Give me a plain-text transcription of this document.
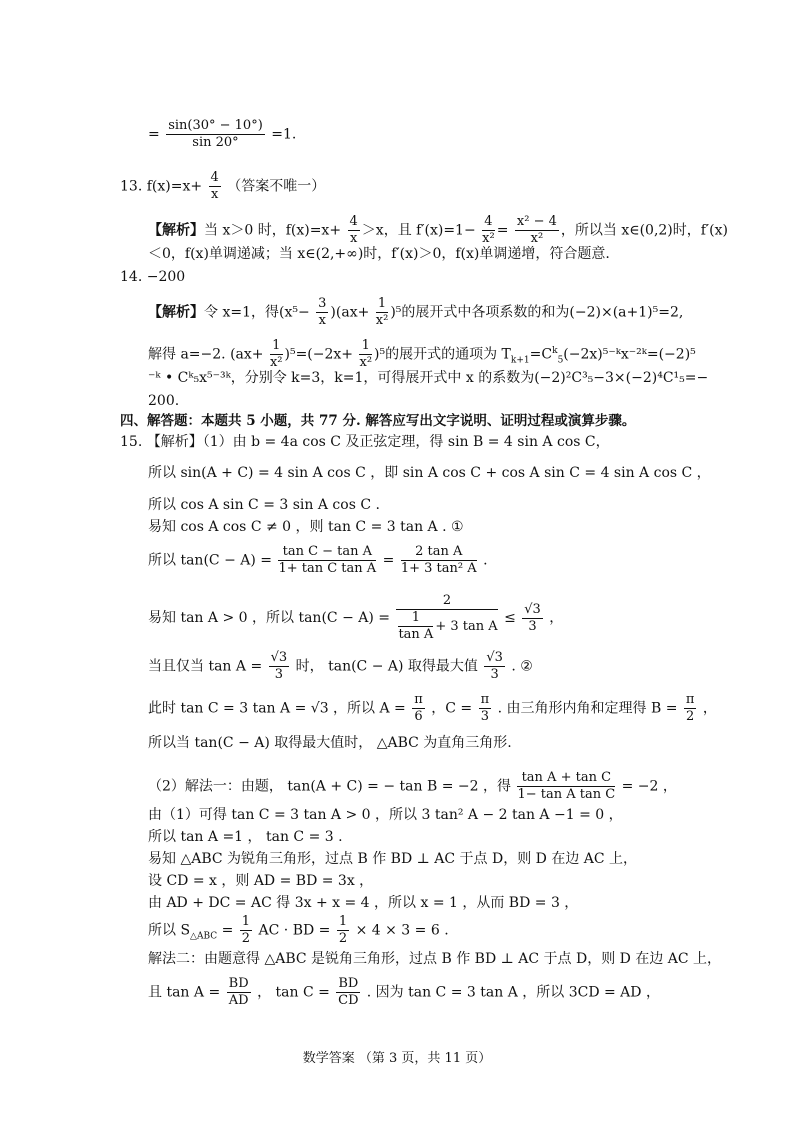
= $\frac{\sin(30^\circ - 10^\circ)}{\sin 20^\circ} =1$.
13. $f(x)=x+ \frac{4}{x}$ （答案不唯一）
【解析】当 x＞0 时，$f(x)=x+ \frac{4}{x} >x$，且 $f'(x)=1- \frac{4}{\text{x²}} = \frac{\text{x² − 4}}{\text{x²}}$ ，所以当 x∈(0,2)时，f′(x)
＜0，f(x)单调递减；当 x∈(2,+∞)时，f′(x)＞0，f(x)单调递增，符合题意.
14. −200
【解析】令 x=1，得$(x^5- \frac{3}{x} )(ax+ \frac{1}{\text{x²}} )^5$的展开式中各项系数的和为(−2)×(a+1)⁵=2,
解得 a=−2. $(ax+ \frac{1}{\text{x²}} )^5=(-2x+ \frac{1}{\text{x²}} )^5$的展开式的通项为 $T_{k+1}=C^k_5(-2x)^{5-}ᵏx^{-2}ᵏ=(-2)^5$
⁻ᵏ • Cᵏ₅x⁵⁻³ᵏ，分别令 k=3，k=1，可得展开式中 x 的系数为(−2)²C³₅−3×(−2)⁴C¹₅=−
200.
四、解答题：本题共 5 小题，共 77 分. 解答应写出文字说明、证明过程或演算步骤。
15. 【解析】（1）由 b = 4a cos C 及正弦定理，得 sin B = 4 sin A cos C，
所以 sin(A + C) = 4 sin A cos C ，即 sin A cos C + cos A sin C = 4 sin A cos C ，
所以 cos A sin C = 3 sin A cos C .
易知 cos A cos C ≠ 0 ，则 tan C = 3 tan A . ①
所以 $\tan(C - A) = \frac{\text{tan C − tan A}}{\text{1+ tan C tan A}} = \frac{\text{2 tan A}}{\text{1+ 3 tan² A}}$ .
易知 tan A > 0 ，所以 $\tan(C - A) = \frac{2}{\frac{1}{\text{tan A}} + 3 \tan A} \le \frac{√3}{3}$ ，
当且仅当 $\tan A = \frac{√3}{3}$ 时， tan(C − A) 取得最大值 $\frac{√3}{3}$ . ②
此时 tan C = 3 tan A = √3 ，所以 $A = \frac{\pi}{6}$ ，$C = \frac{\pi}{3}$ . 由三角形内角和定理得 $B = \frac{\pi}{2}$ ，
所以当 tan(C − A) 取得最大值时， △ABC 为直角三角形.
（2）解法一：由题， tan(A + C) = − tan B = −2 ，得 $\frac{\text{tan A + tan C}}{\text{1− tan A tan C}} = -2$ ，
由（1）可得 tan C = 3 tan A > 0 ，所以 3 tan² A − 2 tan A −1 = 0 ，
所以 tan A =1 ， tan C = 3 .
易知 △ABC 为锐角三角形，过点 B 作 BD ⊥ AC 于点 D，则 D 在边 AC 上，
设 CD = x ，则 AD = BD = 3x ，
由 AD + DC = AC 得 3x + x = 4 ，所以 x = 1 ，从而 BD = 3 ，
所以 $S_{\triangle ABC} = \frac{1}{2}$ AC · BD = $\frac{1}{2} \times 4 \times 3 = 6$ .
解法二：由题意得 △ABC 是锐角三角形，过点 B 作 BD ⊥ AC 于点 D，则 D 在边 AC 上，
且 $\tan A = \frac{BD}{AD}$ ， $\tan C = \frac{BD}{CD}$ . 因为 tan C = 3 tan A ，所以 3CD = AD ，
数学答案 （第 3 页，共 11 页）
